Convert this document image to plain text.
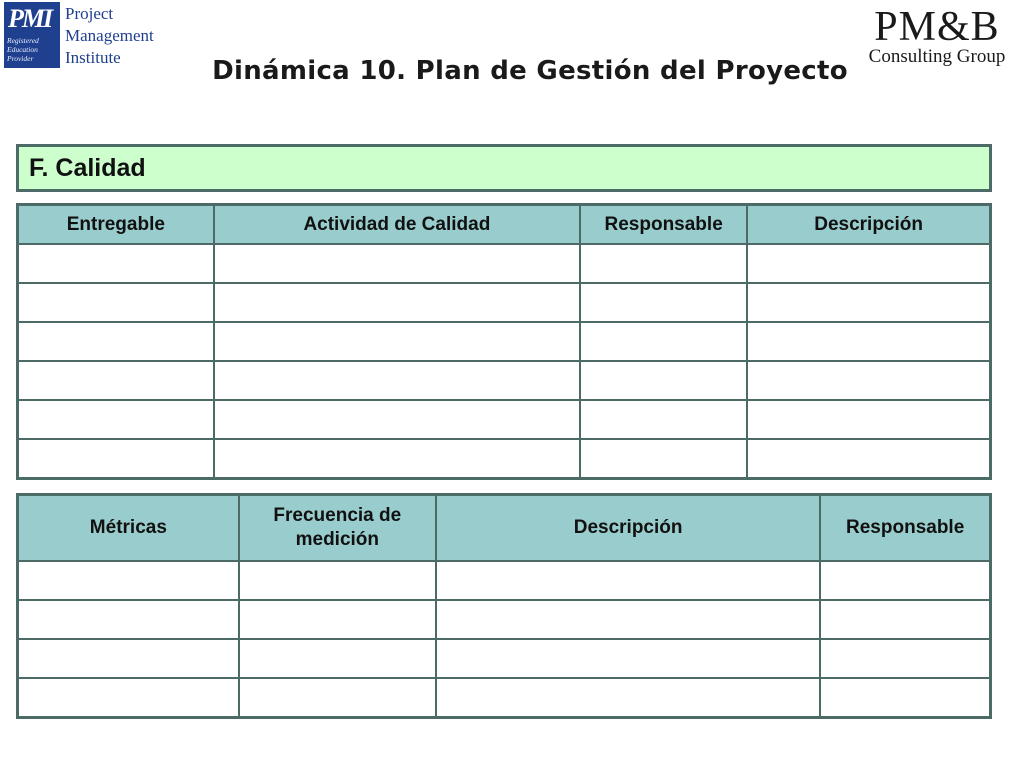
PMI
Registered
Education
Provider
Project
Management
Institute
PM&B
Consulting Group
Dinámica 10. Plan de Gestión del Proyecto
F. Calidad
Entregable	Actividad de Calidad	Responsable	Descripción

Métricas	Frecuencia de medición	Descripción	Responsable
